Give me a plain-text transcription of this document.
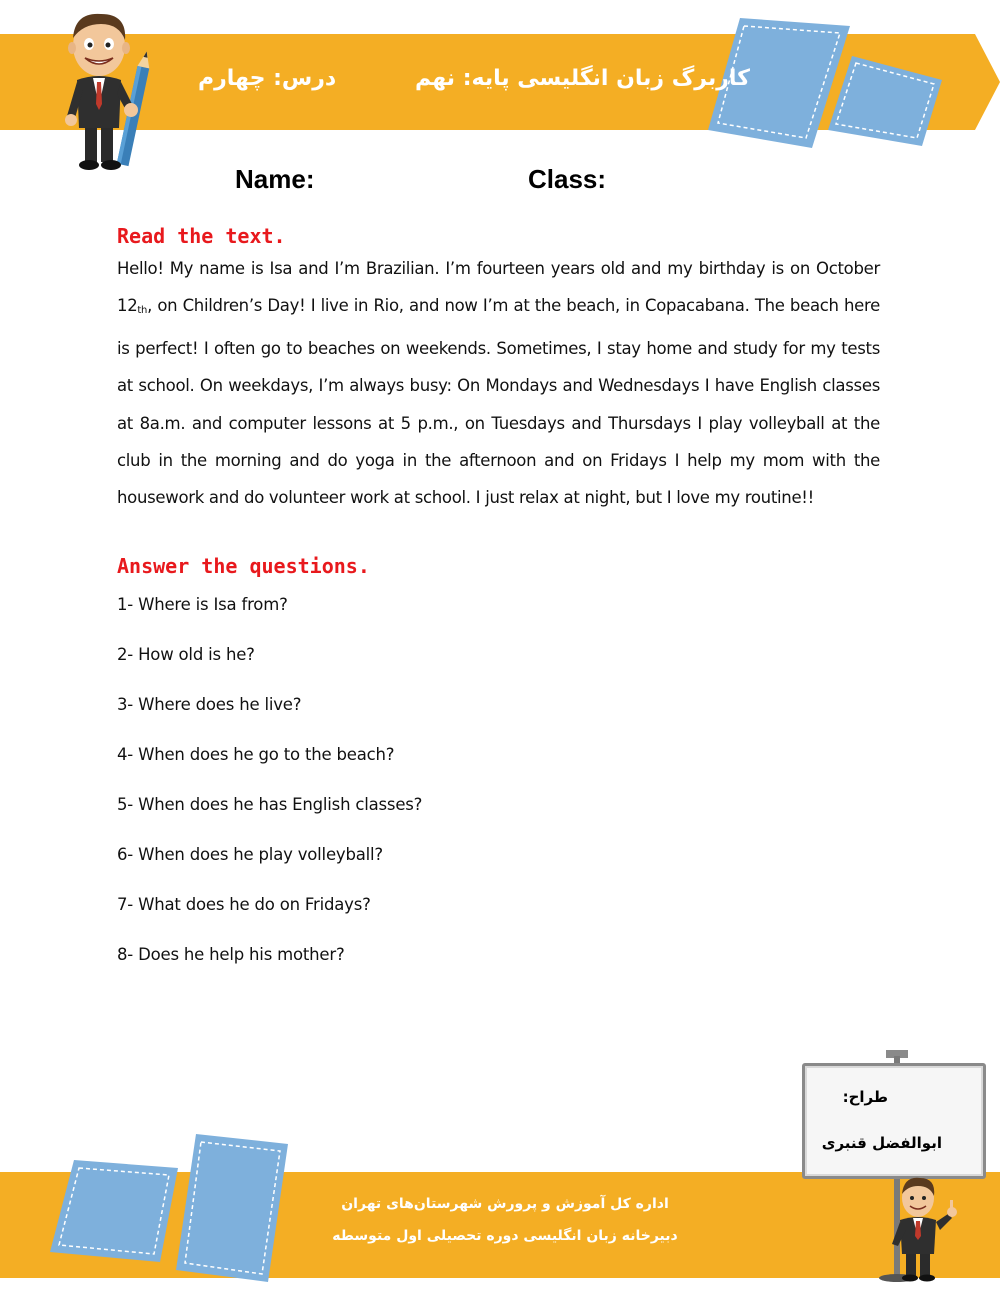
کاربرگ زبان انگلیسی پایه: نهم
درس: چهارم
Name:	Class:
Read the text.
Hello! My name is Isa and I’m Brazilian. I’m fourteen years old and my birthday is on October $12_{th}$, on Children’s Day! I live in Rio, and now I’m at the beach, in Copacabana. The beach here is perfect! I often go to beaches on weekends. Sometimes, I stay home and study for my tests at school. On weekdays, I’m always busy: On Mondays and Wednesdays I have English classes at 8a.m. and computer lessons at 5 p.m., on Tuesdays and Thursdays I play volleyball at the club in the morning and do yoga in the afternoon and on Fridays I help my mom with the housework and do volunteer work at school. I just relax at night, but I love my routine!!
Answer the questions.
1- Where is Isa from?
2- How old is he?
3- Where does he live?
4- When does he go to the beach?
5- When does he has English classes?
6- When does he play volleyball?
7- What does he do on Fridays?
8- Does he help his mother?
اداره کل آموزش و پرورش شهرستان‌های تهران
دبیرخانه زبان انگلیسی دوره تحصیلی اول متوسطه
طراح:
ابوالفضل قنبری
